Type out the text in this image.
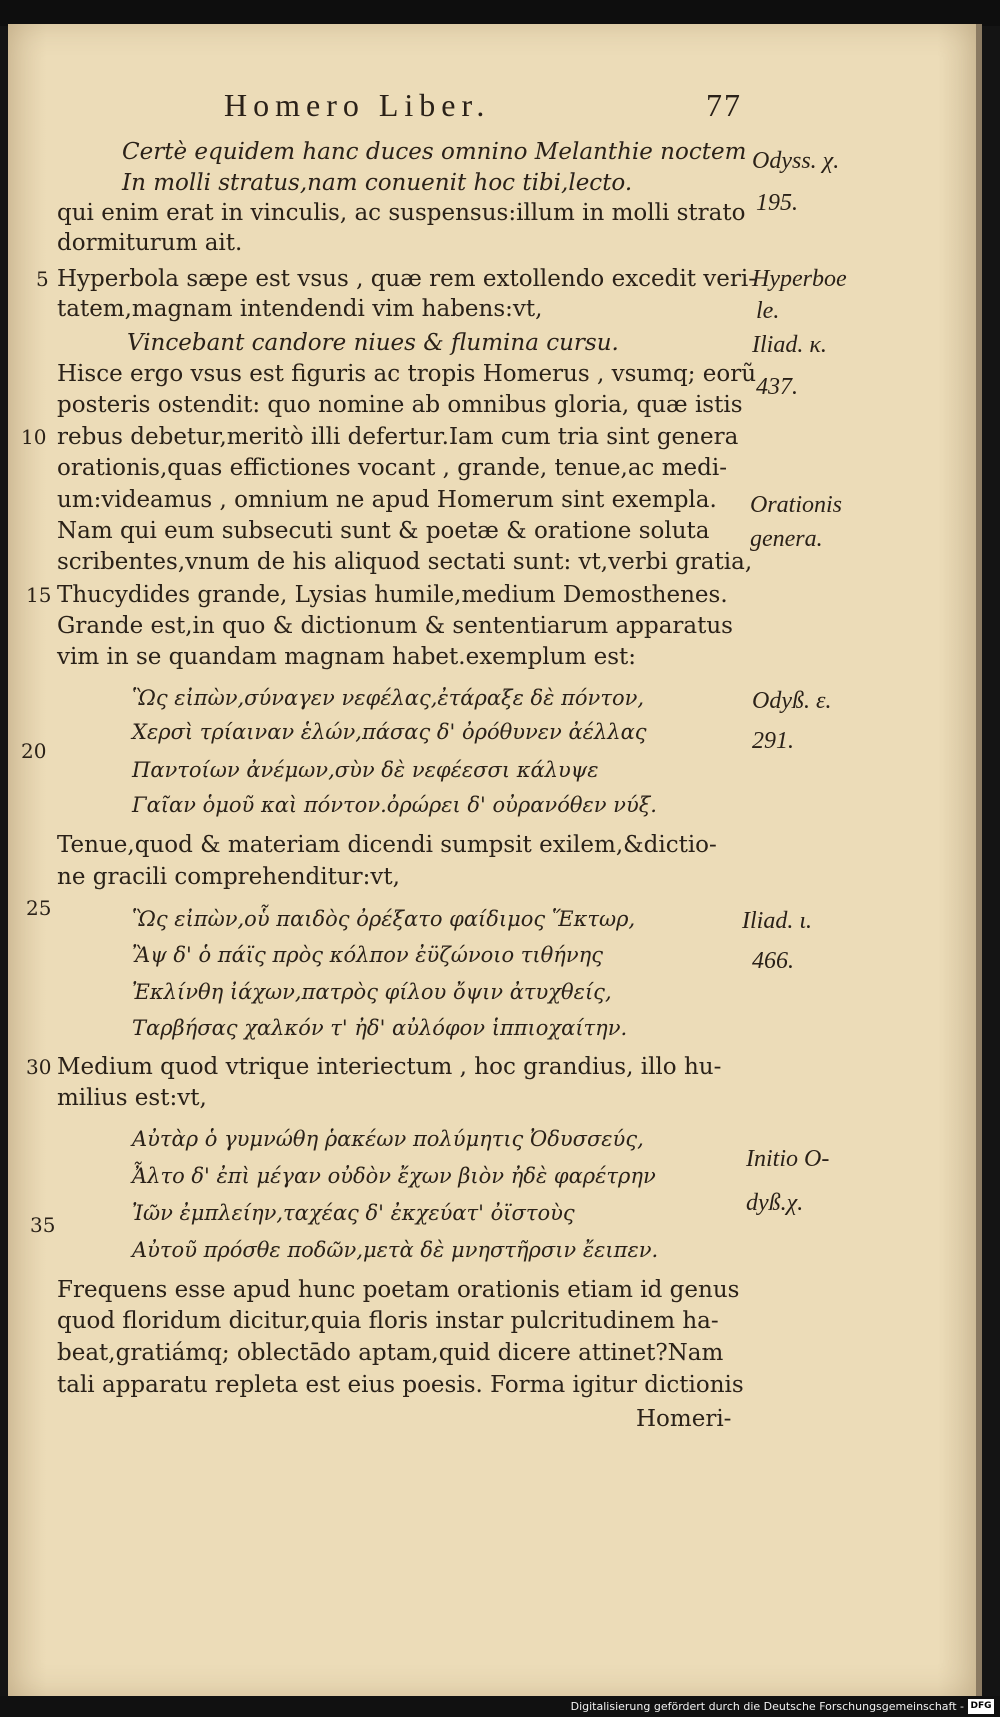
Homero Liber.	77
Certè equidem hanc duces omnino Melanthie noctem
In molli stratus,nam conuenit hoc tibi,lecto.
qui enim erat in vinculis, ac suspensus:illum in molli strato
dormiturum ait.
Hyperbola sæpe est vsus , quæ rem extollendo excedit veri-
tatem,magnam intendendi vim habens:vt,
Vincebant candore niues & flumina cursu.
Hisce ergo vsus est figuris ac tropis Homerus , vsumq; eorũ
posteris ostendit: quo nomine ab omnibus gloria, quæ istis
rebus debetur,meritò illi defertur.Iam cum tria sint genera
orationis,quas effictiones vocant , grande, tenue,ac medi-
um:videamus , omnium ne apud Homerum sint exempla.
Nam qui eum subsecuti sunt & poetæ & oratione soluta
scribentes,vnum de his aliquod sectati sunt: vt,verbi gratia,
Thucydides grande, Lysias humile,medium Demosthenes.
Grande est,in quo & dictionum & sententiarum apparatus
vim in se quandam magnam habet.exemplum est:
Ὣς εἰπὼν,σύναγεν νεφέλας,ἐτάραξε δὲ πόντον,
Χερσὶ τρίαιναν ἑλών,πάσας δ' ὀρόθυνεν ἀέλλας
Παντοίων ἀνέμων,σὺν δὲ νεφέεσσι κάλυψε
Γαῖαν ὁμοῦ καὶ πόντον.ὀρώρει δ' οὐρανόθεν νύξ.
Tenue,quod & materiam dicendi sumpsit exilem,&dictio-
ne gracili comprehenditur:vt,
Ὣς εἰπὼν,οὗ παιδὸς ὀρέξατο φαίδιμος Ἕκτωρ,
Ἂψ δ' ὁ πάϊς πρὸς κόλπον ἐϋζώνοιο τιθήνης
Ἐκλίνθη ἰάχων,πατρὸς φίλου ὄψιν ἀτυχθείς,
Ταρβήσας χαλκόν τ' ἠδ' αὐλόφον ἱππιοχαίτην.
Medium quod vtrique interiectum , hoc grandius, illo hu-
milius est:vt,
Αὐτὰρ ὁ γυμνώθη ῥακέων πολύμητις Ὀδυσσεύς,
Ἆλτο δ' ἐπὶ μέγαν οὐδὸν ἔχων βιὸν ἠδὲ φαρέτρην
Ἰῶν ἐμπλείην,ταχέας δ' ἐκχεύατ' ὀϊστοὺς
Αὐτοῦ πρόσθε ποδῶν,μετὰ δὲ μνηστῆρσιν ἔειπεν.
Frequens esse apud hunc poetam orationis etiam id genus
quod floridum dicitur,quia floris instar pulcritudinem ha-
beat,gratiámq; oblectādo aptam,quid dicere attinet?Nam
tali apparatu repleta est eius poesis. Forma igitur dictionis
Homeri-
5
10
15
20
25
30
35
Odyss. χ.
195.
Hyperboe
le.
Iliad. κ.
437.
Orationis
genera.
Odyß. ε.
291.
Iliad. ι.
466.
Initio O-
dyß.χ.
Digitalisierung gefördert durch die Deutsche Forschungsgemeinschaft - DFG
